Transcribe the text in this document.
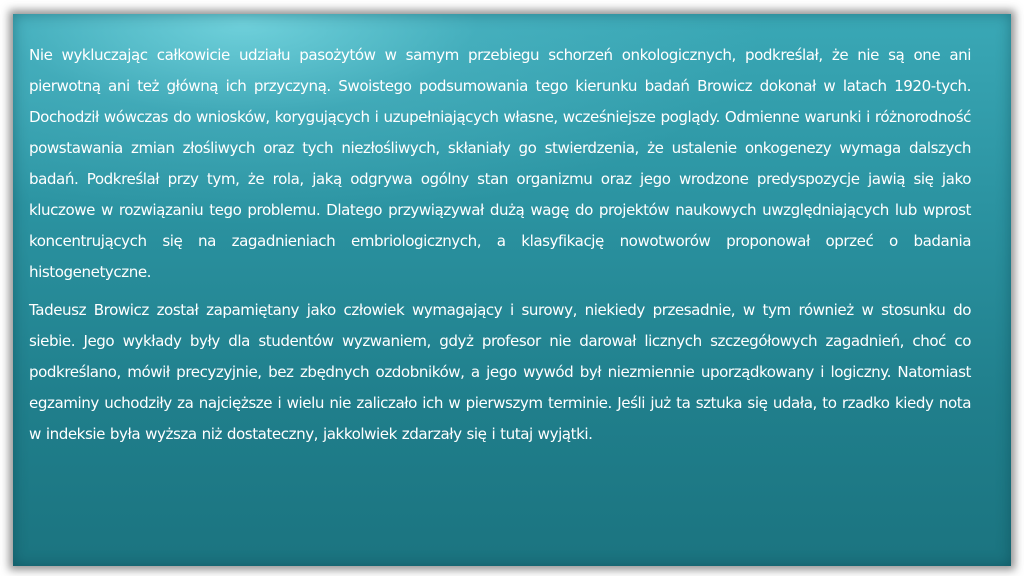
Nie wykluczając całkowicie udziału pasożytów w samym przebiegu schorzeń onkologicznych, podkreślał, że nie są one ani pierwotną ani też główną ich przyczyną. Swoistego podsumowania tego kierunku badań Browicz dokonał w latach 1920-tych. Dochodził wówczas do wniosków, korygujących i uzupełniających własne, wcześniejsze poglądy. Odmienne warunki i różnorodność powstawania zmian złośliwych oraz tych niezłośliwych, skłaniały go stwierdzenia, że ustalenie onkogenezy wymaga dalszych badań. Podkreślał przy tym, że rola, jaką odgrywa ogólny stan organizmu oraz jego wrodzone predyspozycje jawią się jako kluczowe w rozwiązaniu tego problemu. Dlatego przywiązywał dużą wagę do projektów naukowych uwzględniających lub wprost koncentrujących się na zagadnieniach embriologicznych, a klasyfikację nowotworów proponował oprzeć o badania histogenetyczne.

Tadeusz Browicz został zapamiętany jako człowiek wymagający i surowy, niekiedy przesadnie, w tym również w stosunku do siebie. Jego wykłady były dla studentów wyzwaniem, gdyż profesor nie darował licznych szczegółowych zagadnień, choć co podkreślano, mówił precyzyjnie, bez zbędnych ozdobników, a jego wywód był niezmiennie uporządkowany i logiczny. Natomiast egzaminy uchodziły za najcięższe i wielu nie zaliczało ich w pierwszym terminie. Jeśli już ta sztuka się udała, to rzadko kiedy nota w indeksie była wyższa niż dostateczny, jakkolwiek zdarzały się i tutaj wyjątki.
